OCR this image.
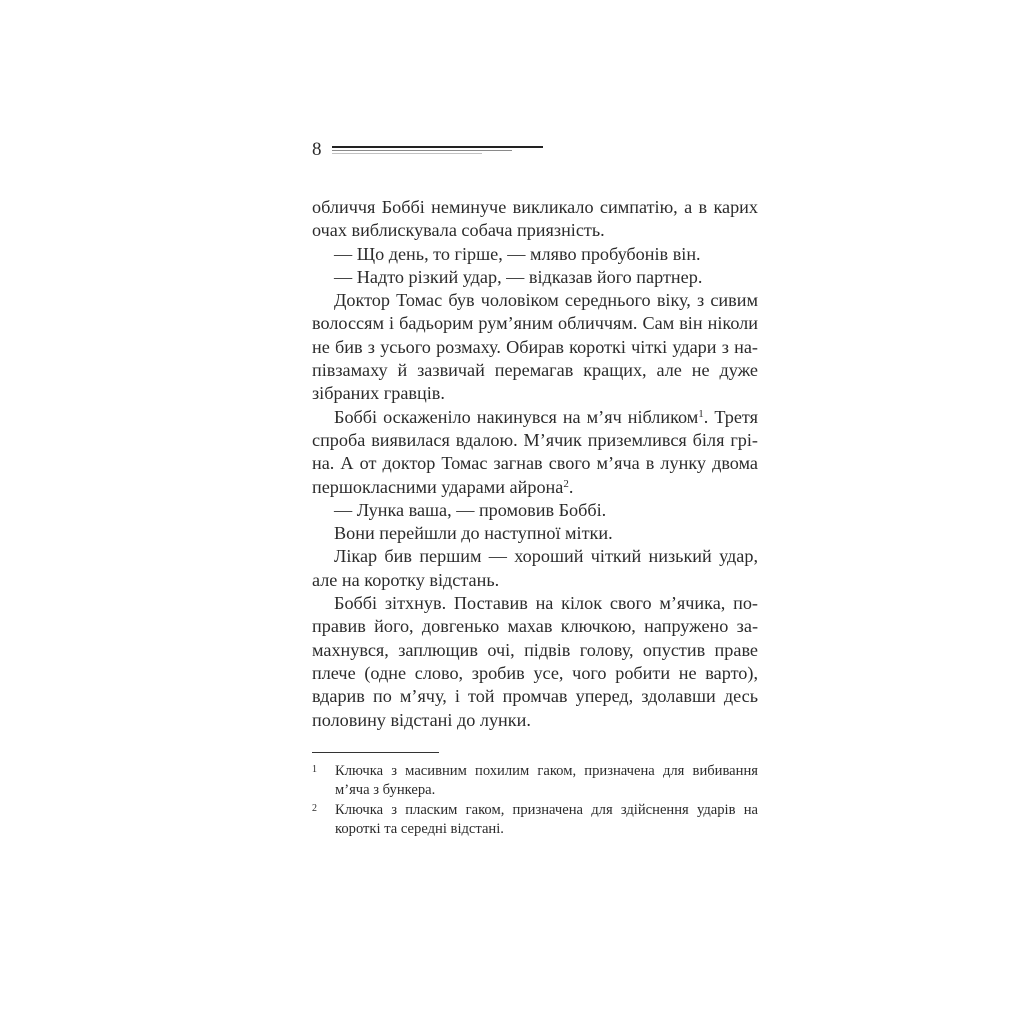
8
обличчя Боббі неминуче викликало симпатію, а в карих
очах виблискувала собача приязність.
— Що день, то гірше, — мляво пробубонів він.
— Надто різкий удар, — відказав його партнер.
Доктор Томас був чоловіком середнього віку, з сивим
волоссям і бадьорим рум’яним обличчям. Сам він ніколи
не бив з усього розмаху. Обирав короткі чіткі удари з на-
півзамаху й зазвичай перемагав кращих, але не дуже
зібраних гравців.
Боббі оскаженіло накинувся на м’яч нібликом$^1$. Третя
спроба виявилася вдалою. М’ячик приземлився біля грі-
на. А от доктор Томас загнав свого м’яча в лунку двома
першокласними ударами айрона$^2$.
— Лунка ваша, — промовив Боббі.
Вони перейшли до наступної мітки.
Лікар бив першим — хороший чіткий низький удар,
але на коротку відстань.
Боббі зітхнув. Поставив на кілок свого м’ячика, по-
правив його, довгенько махав ключкою, напружено за-
махнувся, заплющив очі, підвів голову, опустив праве
плече (одне слово, зробив усе, чого робити не варто),
вдарив по м’ячу, і той промчав уперед, здолавши десь
половину відстані до лунки.
1 Ключка з масивним похилим гаком, призначена для вибивання
м’яча з бункера.
2 Ключка з пласким гаком, призначена для здійснення ударів на
короткі та середні відстані.
